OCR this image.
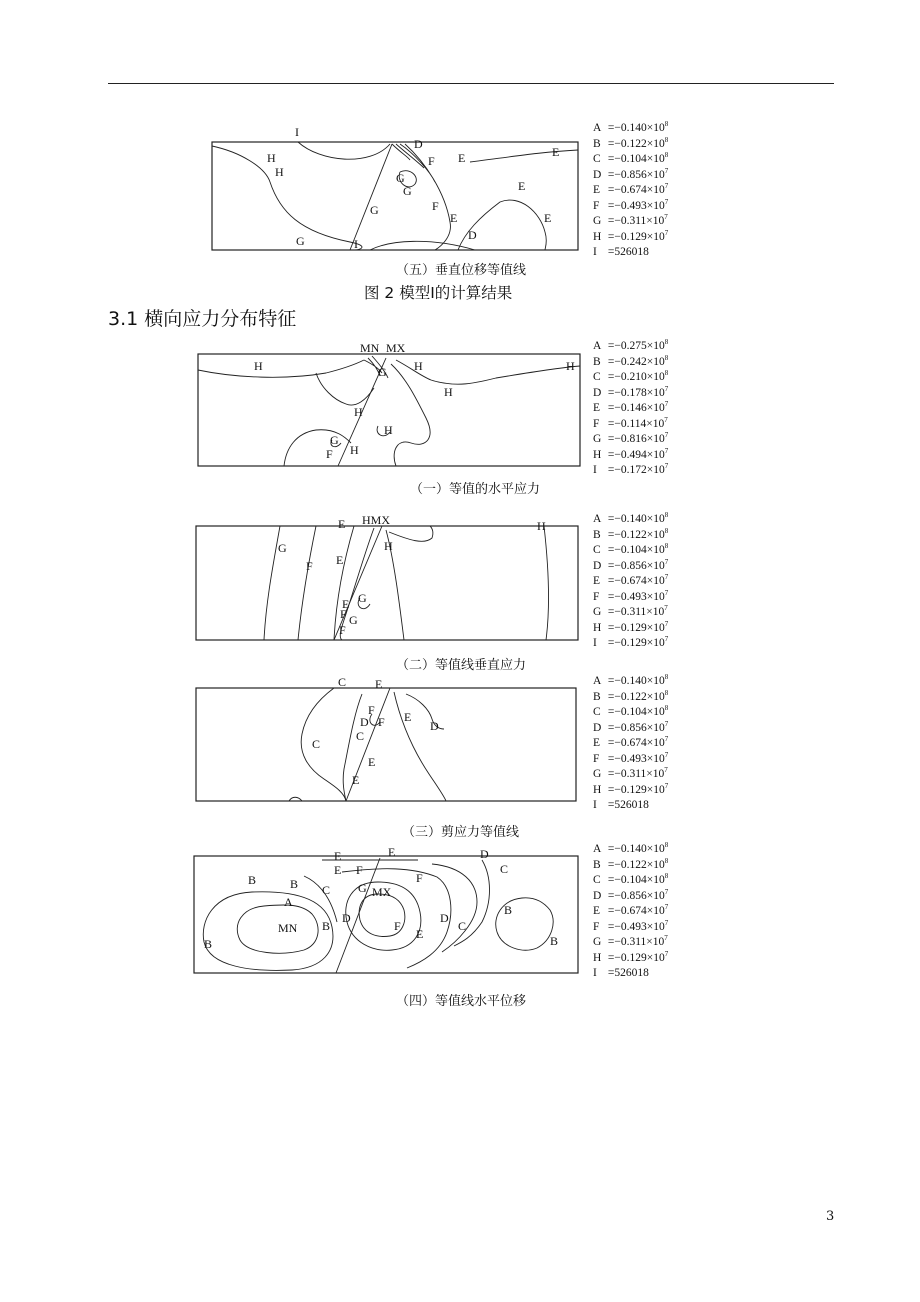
I
D
F E	E
H
H	G
G	E
G	F
E	E
D
G	I
$A =-0.140\times 10^8$
$B =-0.122\times 10^8$
$C =-0.104\times 10^8$
$D =-0.856\times 10^7$
$E =-0.674\times 10^7$
$F =-0.493\times 10^7$
$G =-0.311\times 10^7$
$H =-0.129\times 10^7$
I =526018
（五）垂直位移等值线
图 2 模型Ⅰ的计算结果
3.1 横向应力分布特征
MN MX
H	H
G	H
H
H
H
G
H
F
$A =-0.275\times 10^8$
$B =-0.242\times 10^8$
$C =-0.210\times 10^8$
$D =-0.178\times 10^7$
$E =-0.146\times 10^7$
$F =-0.114\times 10^7$
$G =-0.816\times 10^7$
$H =-0.494\times 10^7$
$I =-0.172\times 10^7$
（一）等值的水平应力
HMX
E	H
G
E
H
F
E
F
G
G
F
$A =-0.140\times 10^8$
$B =-0.122\times 10^8$
$C =-0.104\times 10^8$
$D =-0.856\times 10^7$
$E =-0.674\times 10^7$
$F =-0.493\times 10^7$
$G =-0.311\times 10^7$
$H =-0.129\times 10^7$
$I =-0.129\times 10^7$
（二）等值线垂直应力
C E
F
D F E
D
C
C
E
E
$A =-0.140\times 10^8$
$B =-0.122\times 10^8$
$C =-0.104\times 10^8$
$D =-0.856\times 10^7$
$E =-0.674\times 10^7$
$F =-0.493\times 10^7$
$G =-0.311\times 10^7$
$H =-0.129\times 10^7$
I =526018
（三）剪应力等值线
E	E	D
C
B	B C
E F
F
A
MN B
D
G MX
F
D
E
C
B
B
B
$A =-0.140\times 10^8$
$B =-0.122\times 10^8$
$C =-0.104\times 10^8$
$D =-0.856\times 10^7$
$E =-0.674\times 10^7$
$F =-0.493\times 10^7$
$G =-0.311\times 10^7$
$H =-0.129\times 10^7$
I =526018
（四）等值线水平位移
3
